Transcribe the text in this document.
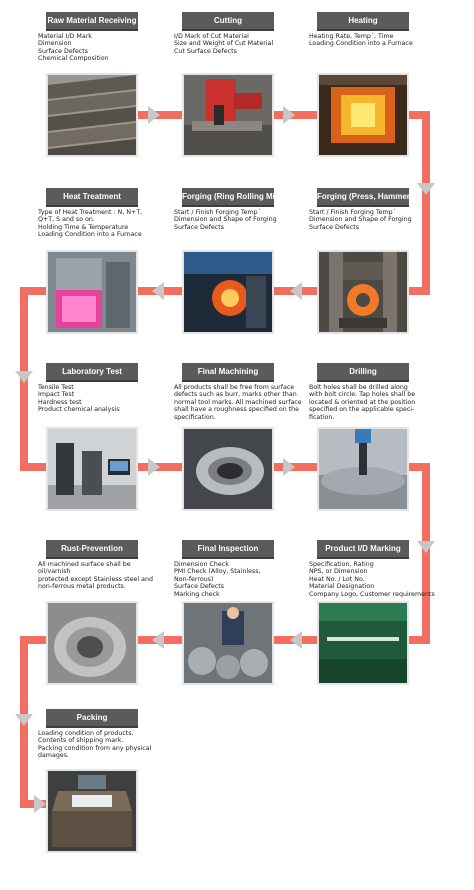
Raw Material Receiving
Material I/D Mark
Dimension
Surface Defects
Chemical Composition
Cutting
I/D Mark of Cut Material
Size and Weight of Cut Material
Cut Surface Defects
Heating
Heating Rate, Temp´, Time
Loading Condition into a Furnace
Heat Treatment
Type of Heat Treatment : N, N+T,
Q+T, S and so on.
Holding Time & Temperature
Loading Condition into a Furnace
Forging (Ring Rolling Mill)
Start / Finish Forging Temp´
Dimension and Shape of Forging
Surface Defects
Forging (Press, Hammer)
Start / Finish Forging Temp´
Dimension and Shape of Forging
Surface Defects
Laboratory Test
Tensile Test
Impact Test
Hardness test
Product chemical analysis
Final Machining
All products shall be free from surface
defects such as burr, marks other than
normal tool marks. All machined surface
shall have a roughness specified on the
specification.
Drilling
Bolt holes shall be drilled along
with bolt circle. Tap holes shall be
located & oriented at the position
specified on the applicable speci-
fication.
Rust-Prevention
All machined surface shall be oil/varnish
protected except Stainless steel and
non-ferrous metal products.
Final Inspection
Dimension Check
PMI Check (Alloy, Stainless,
Non-ferrous)
Surface Defects
Marking check
Product I/D Marking
Specification, Rating
NPS, or Dimension
Heat No. / Lot No.
Material Designation
Company Logo, Customer requirements
Packing
Loading condition of products.
Contents of shipping mark.
Packing condition from any physical
damages.
